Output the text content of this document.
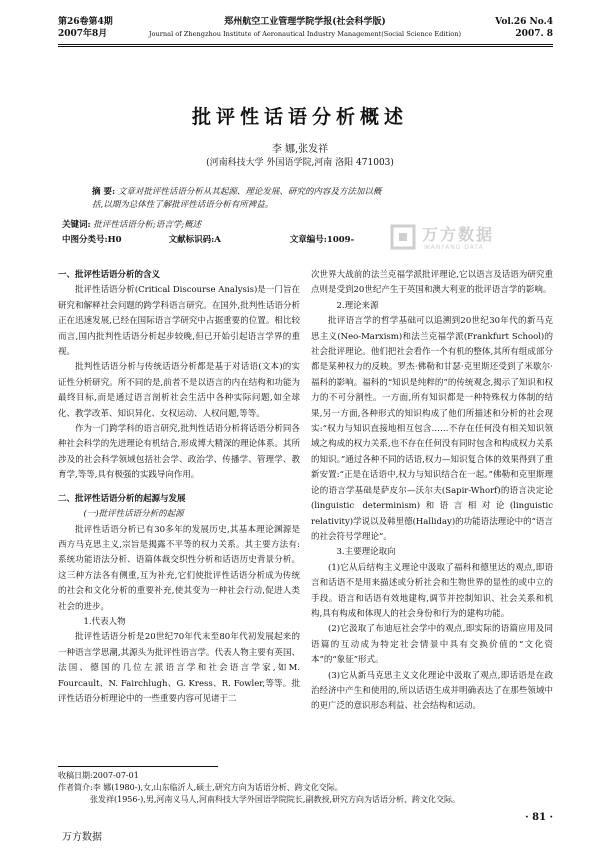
第26卷第4期
2007年8月
郑州航空工业管理学院学报(社会科学版)
Journal of Zhengzhou Institute of Aeronautical Industry Management(Social Science Edition)
Vol.26 No.4
2007. 8
批评性话语分析概述
李 娜,张发祥
(河南科技大学 外国语学院,河南 洛阳 471003)
摘 要: 文章对批评性话语分析从其起源、理论发展、研究的内容及方法加以概括,以期为总体性了解批评性话语分析有所裨益。
关键词: 批评性话语分析;语言学;概述
中图分类号:H0	文献标识码:A	文章编号:1009-	万方数据
WANFANG DATA
一、批评性话语分析的含义

批评性话语分析(Critical Discourse Analysis)是一门旨在研究和解释社会问题的跨学科语言研究。在国外,批判性话语分析正在迅速发展,已经在国际语言学研究中占据重要的位置。相比较而言,国内批判性话语分析起步较晚,但已开始引起语言学界的重视。

批判性话语分析与传统话语分析都是基于对话语(文本)的实证性分析研究。所不同的是,前者不是以语言的内在结构和功能为最终目标,而是通过语言剖析社会生活中各种实际问题,如全球化、教学改革、知识异化、女权运动、人权问题,等等。

作为一门跨学科的语言研究,批判性话语分析将话语分析同各种社会科学的先进理论有机结合,形成博大精深的理论体系。其所涉及的社会科学领域包括社会学、政治学、传播学、管理学、教育学,等等,具有极强的实践导向作用。

二、批评性话语分析的起源与发展
(一)批评性话语分析的起源

批评性话语分析已有30多年的发展历史,其基本理论渊源是西方马克思主义,宗旨是揭露不平等的权力关系。其主要方法有:系统功能语法分析、语篇体裁交织性分析和话语历史背景分析。这三种方法各有侧重,互为补充,它们使批评性话语分析成为传统的社会和文化分析的重要补充,使其变为一种社会行动,促进人类社会的进步。

1.代表人物

批评性话语分析是20世纪70年代末至80年代初发展起来的一种语言学思潮,其源头为批评性语言学。代表人物主要有英国、法国、德国的几位左派语言学和社会语言学家,如M. Fourcault、N. Fairchlugh、G. Kress、R. Fowler,等等。批评性话语分析理论中的一些重要内容可见诸于二

次世界大战前的法兰克福学派批评理论,它以语言及话语为研究重点则是受到20世纪产生于英国和澳大利亚的批评语言学的影响。

2.理论来源

批评语言学的哲学基础可以追溯到20世纪30年代的新马克思主义(Neo-Marxism)和法兰克福学派(Frankfurt School)的社会批评理论。他们把社会看作一个有机的整体,其所有组成部分都是某种权力的反映。罗杰·佛勒和甘瑟·克里斯还受到了米歇尔·福科的影响。福科的“知识是纯粹的”的传统观念,揭示了知识和权力的不可分割性。一方面,所有知识都是一种特殊权力体制的结果,另一方面,各种形式的知识构成了他们所描述和分析的社会现实:“权力与知识直接地相互包含……不存在任何没有相关知识领域之构成的权力关系,也不存在任何没有同时包含和构成权力关系的知识。”通过各种不同的话语,权力—知识复合体的效果得到了重新安置:“正是在话语中,权力与知识结合在一起。”佛勒和克里斯理论的语言学基础是萨皮尔—沃尔夫(Sapir-Whorf)的语言决定论(linguistic determinism)和语言相对论(linguistic relativity)学说以及韩里德(Halliday)的功能语法理论中的“语言的社会符号学理论”。

3.主要理论取向

(1)它从后结构主义理论中汲取了福科和德里达的观点,即语言和话语不是用来描述或分析社会和生物世界的显性的或中立的手段。语言和话语有效地建构,调节并控制知识、社会关系和机构,具有构成和体现人的社会身份和行为的建构功能。

(2)它汲取了布迪厄社会学中的观点,即实际的语篇应用及同语篇的互动成为特定社会情景中具有交换价值的“文化资本”的“象征”形式。

(3)它从新马克思主义文化理论中汲取了观点,即话语是在政治经济中产生和使用的,所以话语生成并明确表达了在那些领域中的更广泛的意识形态利益、社会结构和运动。

收稿日期:2007-07-01
作者简介:李 娜(1980-),女,山东临沂人,硕士,研究方向为话语分析、跨文化交际。
张发祥(1956-),男,河南义马人,河南科技大学外国语学院院长,副教授,研究方向为话语分析、跨文化交际。
· 81 ·
万方数据
